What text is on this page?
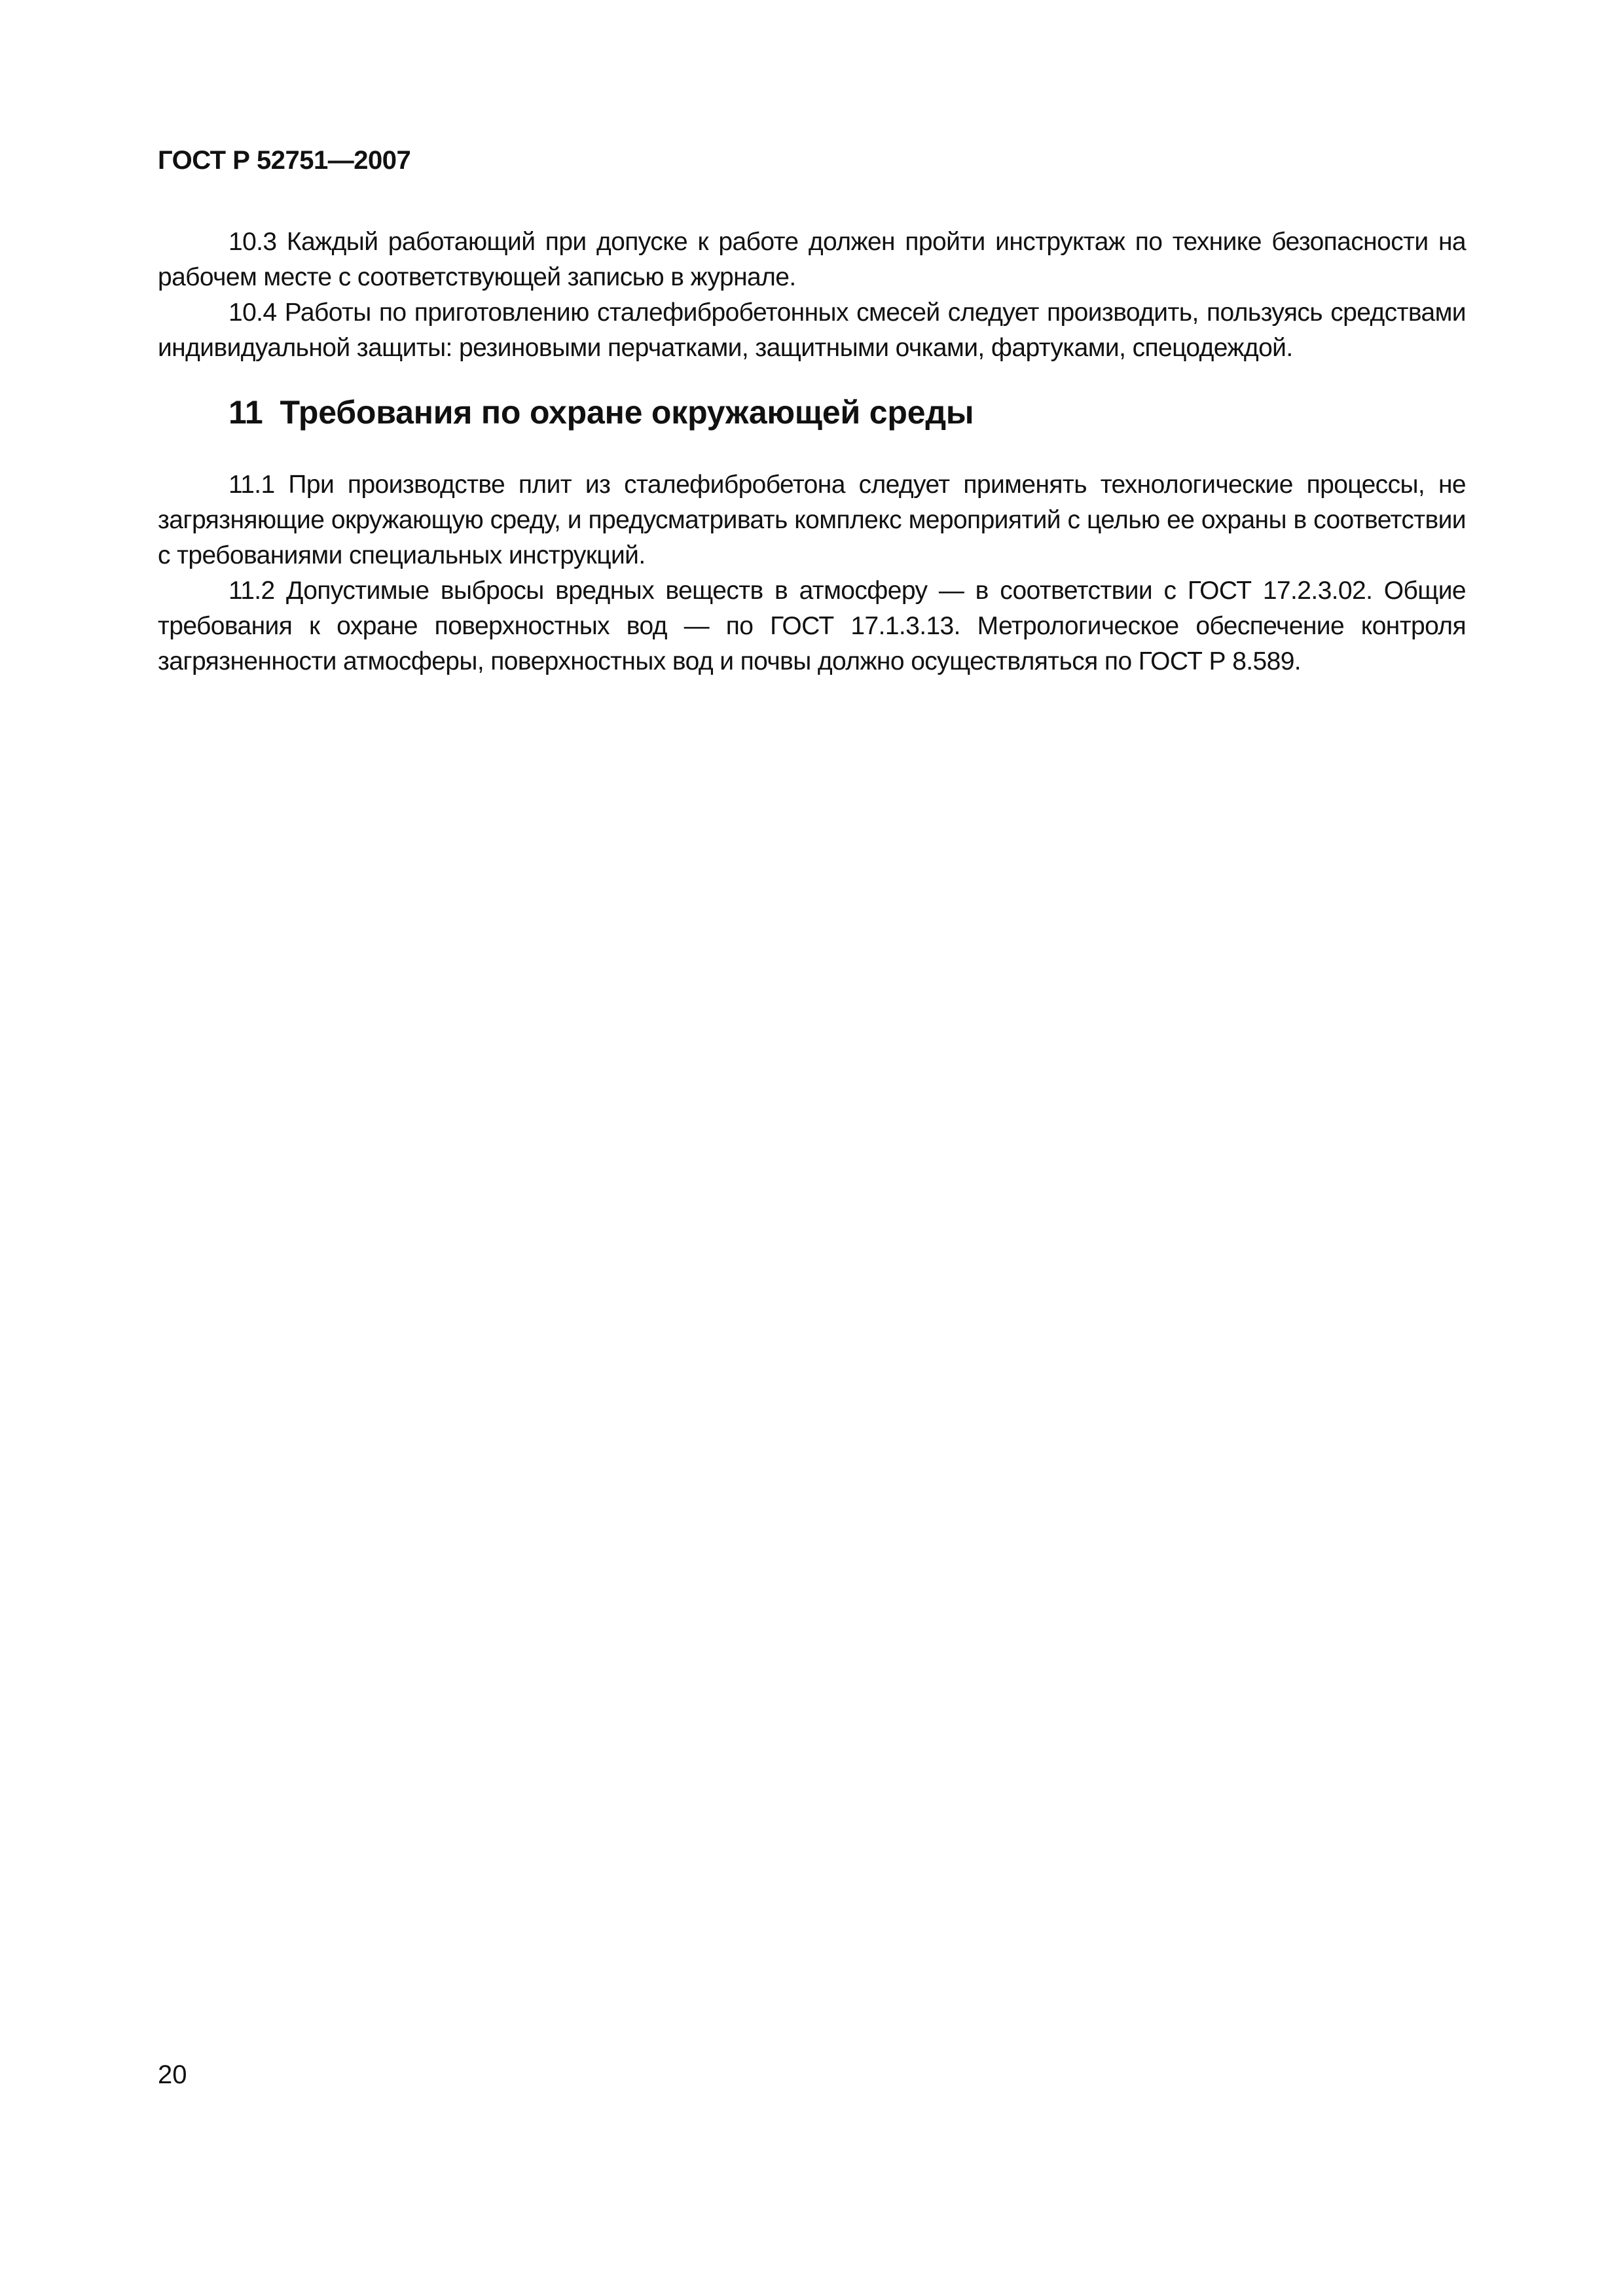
ГОСТ Р 52751—2007

10.3 Каждый работающий при допуске к работе должен пройти инструктаж по технике безопасности на рабочем месте с соответствующей записью в журнале.

10.4 Работы по приготовлению сталефибробетонных смесей следует производить, пользуясь средствами индивидуальной защиты: резиновыми перчатками, защитными очками, фартуками, спецодеждой.

11 Требования по охране окружающей среды

11.1 При производстве плит из сталефибробетона следует применять технологические процессы, не загрязняющие окружающую среду, и предусматривать комплекс мероприятий с целью ее охраны в соответствии с требованиями специальных инструкций.

11.2 Допустимые выбросы вредных веществ в атмосферу — в соответствии с ГОСТ 17.2.3.02. Общие требования к охране поверхностных вод — по ГОСТ 17.1.3.13. Метрологическое обеспечение контроля загрязненности атмосферы, поверхностных вод и почвы должно осуществляться по ГОСТ Р 8.589.

20
